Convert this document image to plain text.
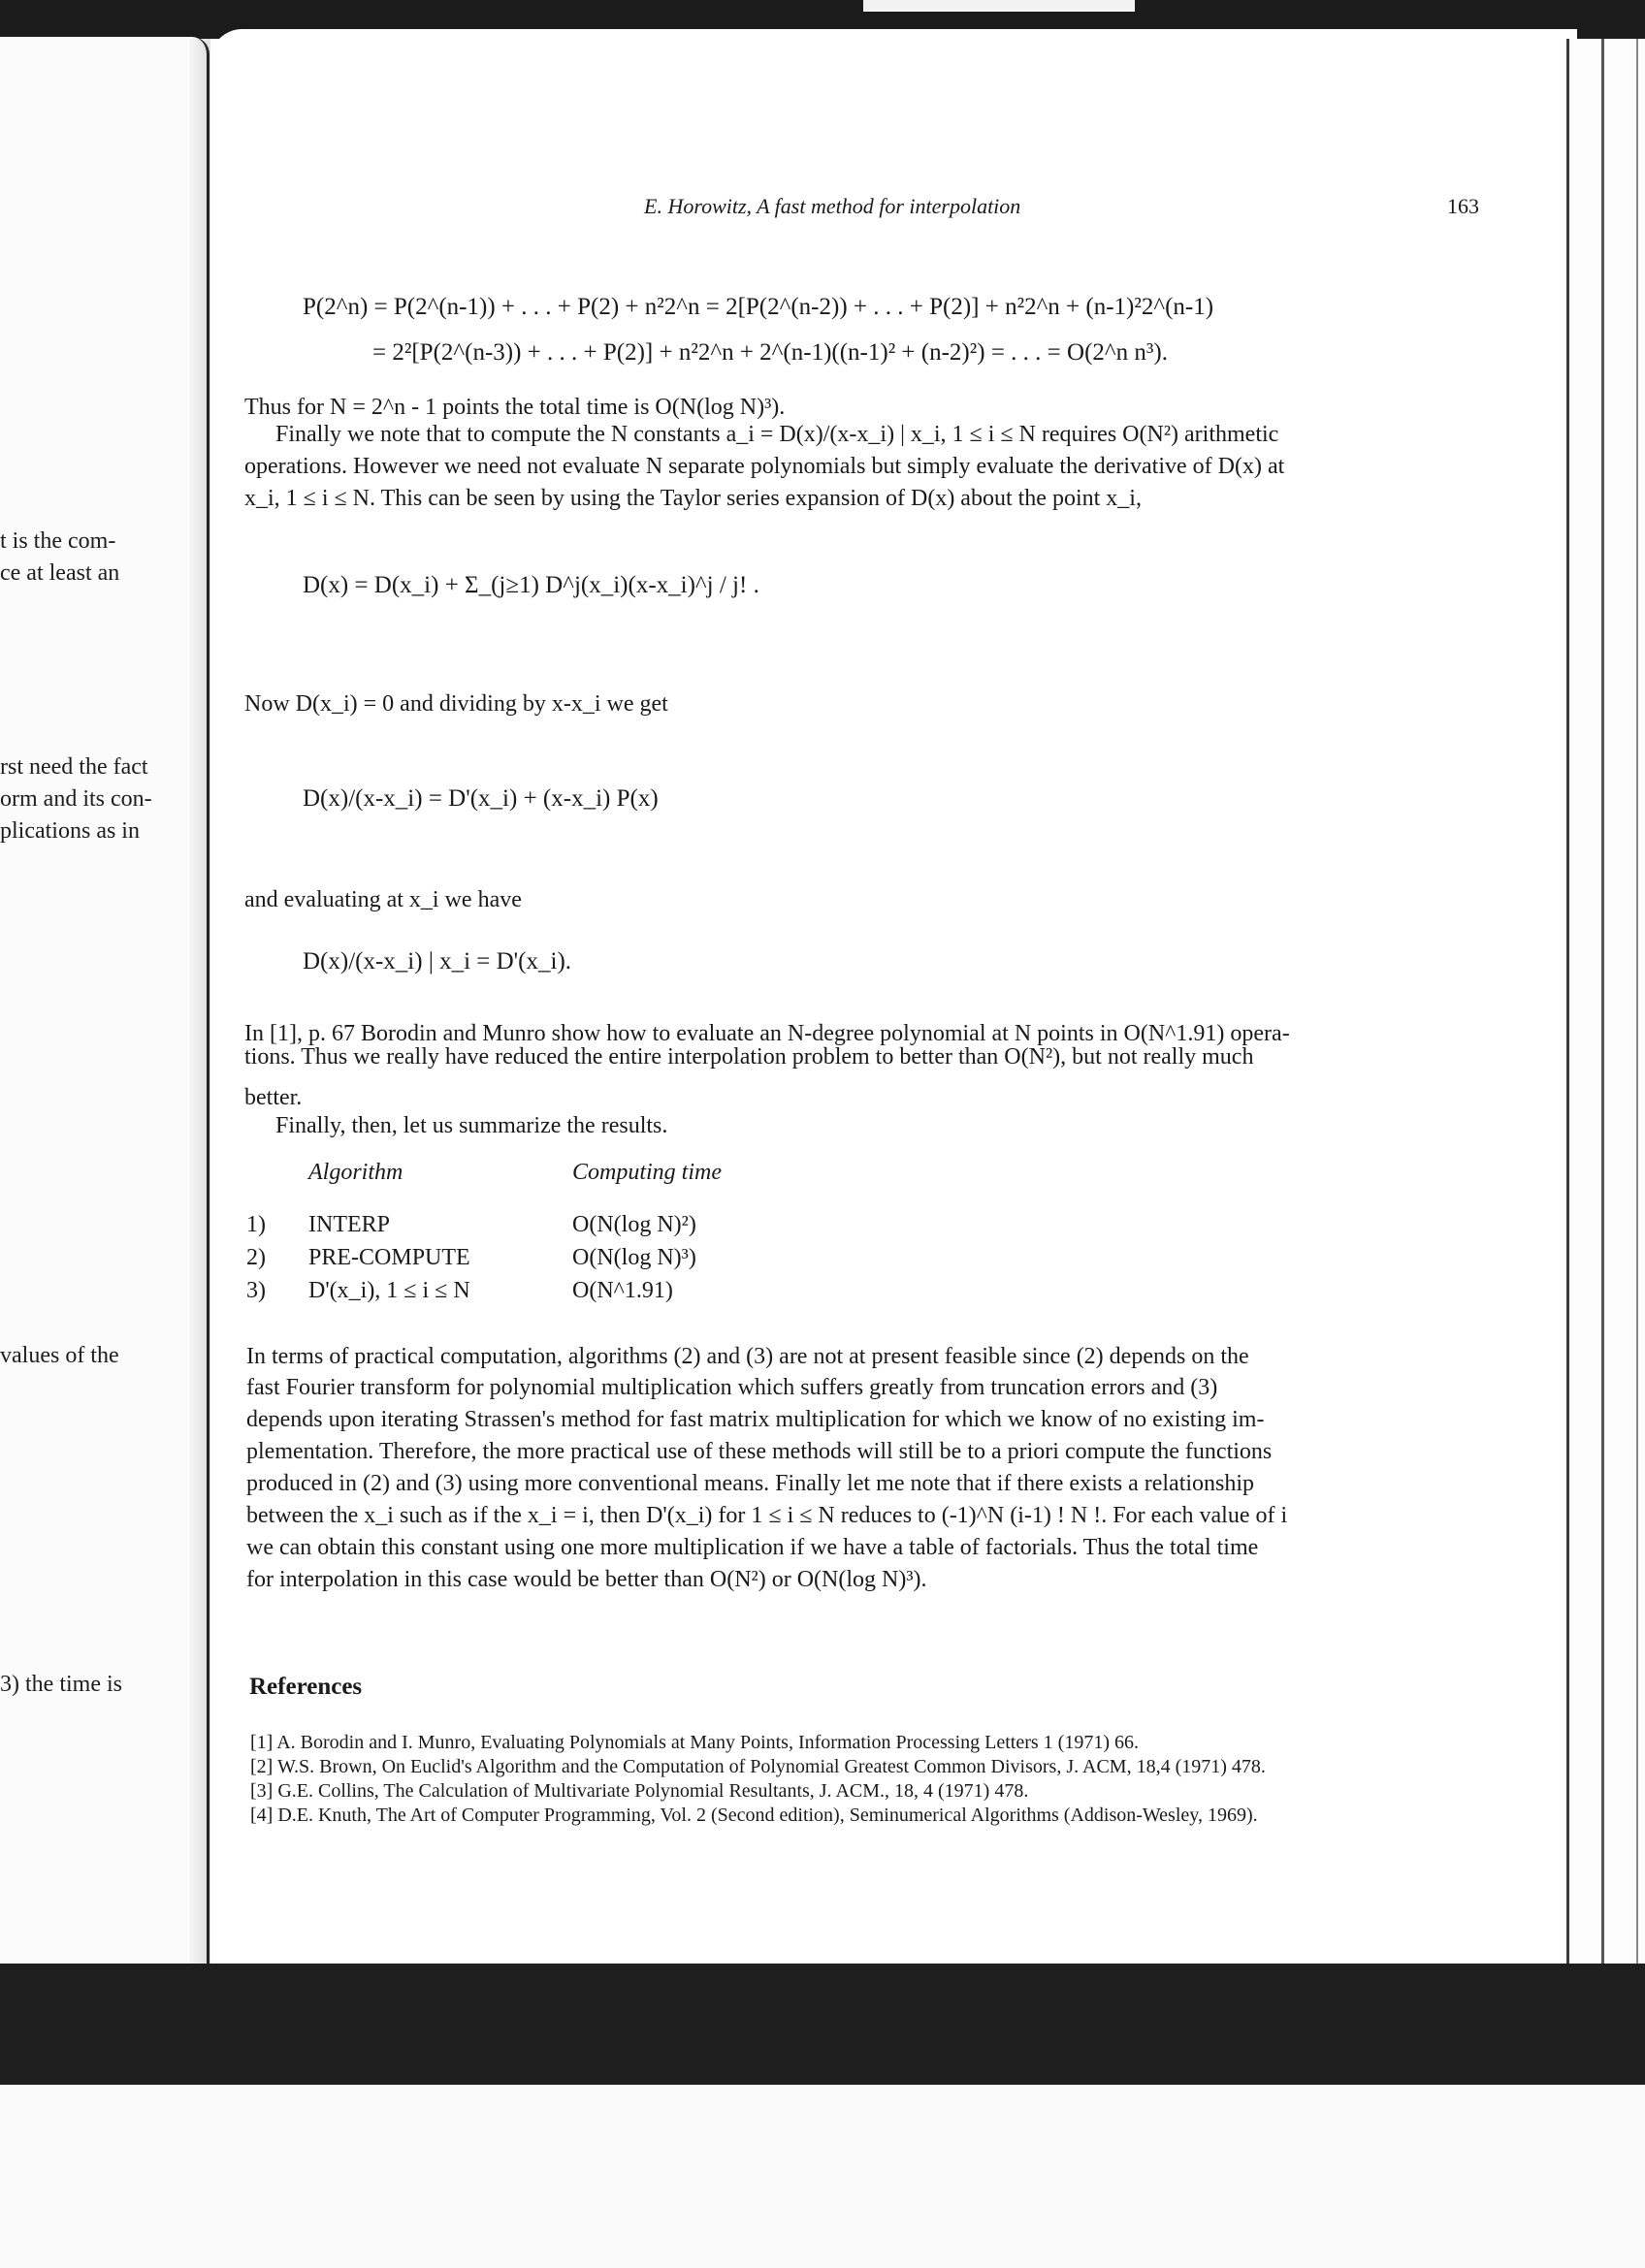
t is the com-
ce at least an
rst need the fact
orm and its con-
plications as in
values of the
3) the time is
E. Horowitz, A fast method for interpolation	163
P(2^n) = P(2^(n-1)) + . . . + P(2) + n²2^n = 2[P(2^(n-2)) + . . . + P(2)] + n²2^n + (n-1)²2^(n-1)
= 2²[P(2^(n-3)) + . . . + P(2)] + n²2^n + 2^(n-1)((n-1)² + (n-2)²) = . . . = O(2^n n³).
Thus for N = 2^n - 1 points the total time is O(N(log N)³).
Finally we note that to compute the N constants a_i = D(x)/(x-x_i) | x_i, 1 ≤ i ≤ N requires O(N²) arithmetic
operations. However we need not evaluate N separate polynomials but simply evaluate the derivative of D(x) at
x_i, 1 ≤ i ≤ N. This can be seen by using the Taylor series expansion of D(x) about the point x_i,
D(x) = D(x_i) + Σ_(j≥1) D^j(x_i)(x-x_i)^j / j! .
Now D(x_i) = 0 and dividing by x-x_i we get
D(x)/(x-x_i) = D'(x_i) + (x-x_i) P(x)
and evaluating at x_i we have
D(x)/(x-x_i) | x_i = D'(x_i).
In [1], p. 67 Borodin and Munro show how to evaluate an N-degree polynomial at N points in O(N^1.91) opera-
tions. Thus we really have reduced the entire interpolation problem to better than O(N²), but not really much
better.
Finally, then, let us summarize the results.
Algorithm	Computing time
1) INTERP	O(N(log N)²)
2) PRE-COMPUTE	O(N(log N)³)
3) D'(x_i), 1 ≤ i ≤ N	O(N^1.91)
In terms of practical computation, algorithms (2) and (3) are not at present feasible since (2) depends on the
fast Fourier transform for polynomial multiplication which suffers greatly from truncation errors and (3)
depends upon iterating Strassen's method for fast matrix multiplication for which we know of no existing im-
plementation. Therefore, the more practical use of these methods will still be to a priori compute the functions
produced in (2) and (3) using more conventional means. Finally let me note that if there exists a relationship
between the x_i such as if the x_i = i, then D'(x_i) for 1 ≤ i ≤ N reduces to (-1)^N (i-1) ! N !. For each value of i
we can obtain this constant using one more multiplication if we have a table of factorials. Thus the total time
for interpolation in this case would be better than O(N²) or O(N(log N)³).
References
[1] A. Borodin and I. Munro, Evaluating Polynomials at Many Points, Information Processing Letters 1 (1971) 66.
[2] W.S. Brown, On Euclid's Algorithm and the Computation of Polynomial Greatest Common Divisors, J. ACM, 18,4 (1971) 478.
[3] G.E. Collins, The Calculation of Multivariate Polynomial Resultants, J. ACM., 18, 4 (1971) 478.
[4] D.E. Knuth, The Art of Computer Programming, Vol. 2 (Second edition), Seminumerical Algorithms (Addison-Wesley, 1969).
